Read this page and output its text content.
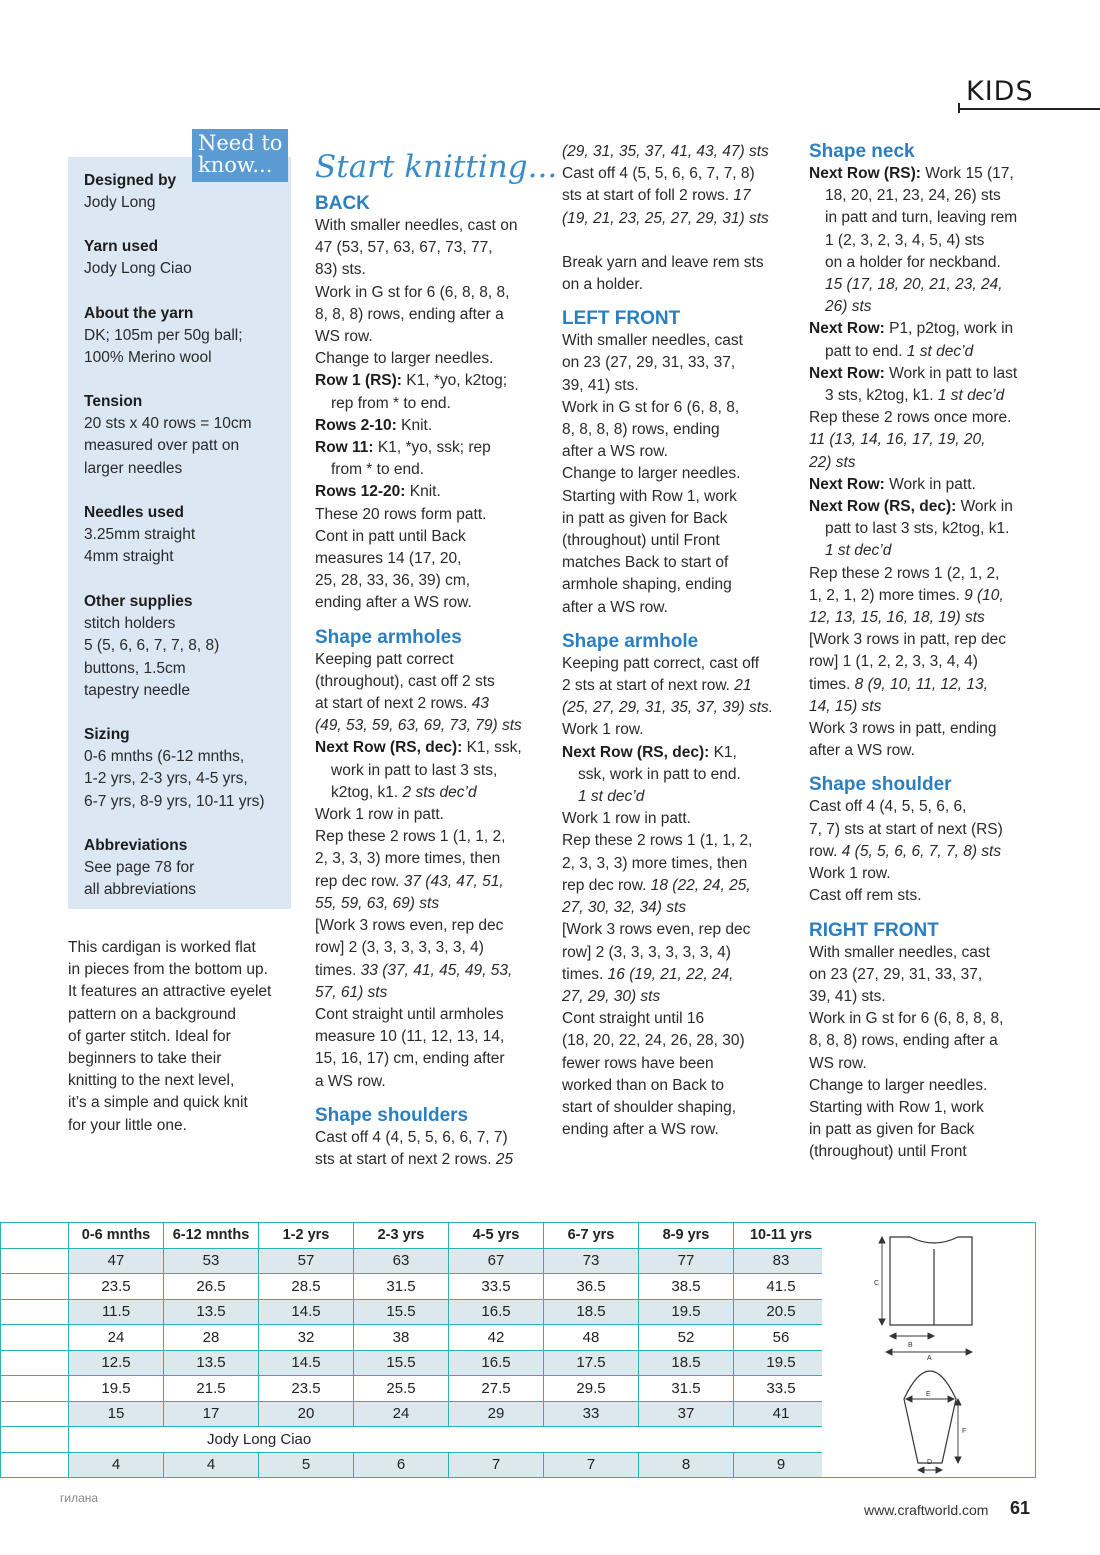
KIDS
Need to
know...
Designed by
Jody Long
Yarn used
Jody Long Ciao
About the yarn
DK; 105m per 50g ball;
100% Merino wool
Tension
20 sts x 40 rows = 10cm
measured over patt on
larger needles
Needles used
3.25mm straight
4mm straight
Other supplies
stitch holders
5 (5, 6, 6, 7, 7, 8, 8)
buttons, 1.5cm
tapestry needle
Sizing
0-6 mnths (6-12 mnths,
1-2 yrs, 2-3 yrs, 4-5 yrs,
6-7 yrs, 8-9 yrs, 10-11 yrs)
Abbreviations
See page 78 for
all abbreviations
This cardigan is worked flat
in pieces from the bottom up.
It features an attractive eyelet
pattern on a background
of garter stitch. Ideal for
beginners to take their
knitting to the next level,
it’s a simple and quick knit
for your little one.
Start knitting...
BACK
With smaller needles, cast on
47 (53, 57, 63, 67, 73, 77,
83) sts.
Work in G st for 6 (6, 8, 8, 8,
8, 8, 8) rows, ending after a
WS row.
Change to larger needles.
Row 1 (RS): K1, *yo, k2tog;
rep from * to end.
Rows 2-10: Knit.
Row 11: K1, *yo, ssk; rep
from * to end.
Rows 12-20: Knit.
These 20 rows form patt.
Cont in patt until Back
measures 14 (17, 20,
25, 28, 33, 36, 39) cm,
ending after a WS row.
Shape armholes
Keeping patt correct
(throughout), cast off 2 sts
at start of next 2 rows. 43
(49, 53, 59, 63, 69, 73, 79) sts
Next Row (RS, dec): K1, ssk,
work in patt to last 3 sts,
k2tog, k1. 2 sts dec’d
Work 1 row in patt.
Rep these 2 rows 1 (1, 1, 2,
2, 3, 3, 3) more times, then
rep dec row. 37 (43, 47, 51,
55, 59, 63, 69) sts
[Work 3 rows even, rep dec
row] 2 (3, 3, 3, 3, 3, 3, 4)
times. 33 (37, 41, 45, 49, 53,
57, 61) sts
Cont straight until armholes
measure 10 (11, 12, 13, 14,
15, 16, 17) cm, ending after
a WS row.
Shape shoulders
Cast off 4 (4, 5, 5, 6, 6, 7, 7)
sts at start of next 2 rows. 25
(29, 31, 35, 37, 41, 43, 47) sts
Cast off 4 (5, 5, 6, 6, 7, 7, 8)
sts at start of foll 2 rows. 17
(19, 21, 23, 25, 27, 29, 31) sts
Break yarn and leave rem sts
on a holder.
LEFT FRONT
With smaller needles, cast
on 23 (27, 29, 31, 33, 37,
39, 41) sts.
Work in G st for 6 (6, 8, 8,
8, 8, 8, 8) rows, ending
after a WS row.
Change to larger needles.
Starting with Row 1, work
in patt as given for Back
(throughout) until Front
matches Back to start of
armhole shaping, ending
after a WS row.
Shape armhole
Keeping patt correct, cast off
2 sts at start of next row. 21
(25, 27, 29, 31, 35, 37, 39) sts.
Work 1 row.
Next Row (RS, dec): K1,
ssk, work in patt to end.
1 st dec’d
Work 1 row in patt.
Rep these 2 rows 1 (1, 1, 2,
2, 3, 3, 3) more times, then
rep dec row. 18 (22, 24, 25,
27, 30, 32, 34) sts
[Work 3 rows even, rep dec
row] 2 (3, 3, 3, 3, 3, 3, 4)
times. 16 (19, 21, 22, 24,
27, 29, 30) sts
Cont straight until 16
(18, 20, 22, 24, 26, 28, 30)
fewer rows have been
worked than on Back to
start of shoulder shaping,
ending after a WS row.
Shape neck
Next Row (RS): Work 15 (17,
18, 20, 21, 23, 24, 26) sts
in patt and turn, leaving rem
1 (2, 3, 2, 3, 4, 5, 4) sts
on a holder for neckband.
15 (17, 18, 20, 21, 23, 24,
26) sts
Next Row: P1, p2tog, work in
patt to end. 1 st dec’d
Next Row: Work in patt to last
3 sts, k2tog, k1. 1 st dec’d
Rep these 2 rows once more.
11 (13, 14, 16, 17, 19, 20,
22) sts
Next Row: Work in patt.
Next Row (RS, dec): Work in
patt to last 3 sts, k2tog, k1.
1 st dec’d
Rep these 2 rows 1 (2, 1, 2,
1, 2, 1, 2) more times. 9 (10,
12, 13, 15, 16, 18, 19) sts
[Work 3 rows in patt, rep dec
row] 1 (1, 2, 2, 3, 3, 4, 4)
times. 8 (9, 10, 11, 12, 13,
14, 15) sts
Work 3 rows in patt, ending
after a WS row.
Shape shoulder
Cast off 4 (4, 5, 5, 6, 6,
7, 7) sts at start of next (RS)
row. 4 (5, 5, 6, 6, 7, 7, 8) sts
Work 1 row.
Cast off rem sts.
RIGHT FRONT
With smaller needles, cast
on 23 (27, 29, 31, 33, 37,
39, 41) sts.
Work in G st for 6 (6, 8, 8, 8,
8, 8, 8) rows, ending after a
WS row.
Change to larger needles.
Starting with Row 1, work
in patt as given for Back
(throughout) until Front
	0-6 mnths	6-12 mnths	1-2 yrs	2-3 yrs	4-5 yrs	6-7 yrs	8-9 yrs	10-11 yrs
	47	53	57	63	67	73	77	83
	23.5	26.5	28.5	31.5	33.5	36.5	38.5	41.5
	11.5	13.5	14.5	15.5	16.5	18.5	19.5	20.5
	24	28	32	38	42	48	52	56
	12.5	13.5	14.5	15.5	16.5	17.5	18.5	19.5
	19.5	21.5	23.5	25.5	27.5	29.5	31.5	33.5
	15	17	20	24	29	33	37	41
	Jody Long Ciao							
	4	4	5	6	7	7	8	9
C
B
A
E
F
D
гилана
www.craftworld.com 61
